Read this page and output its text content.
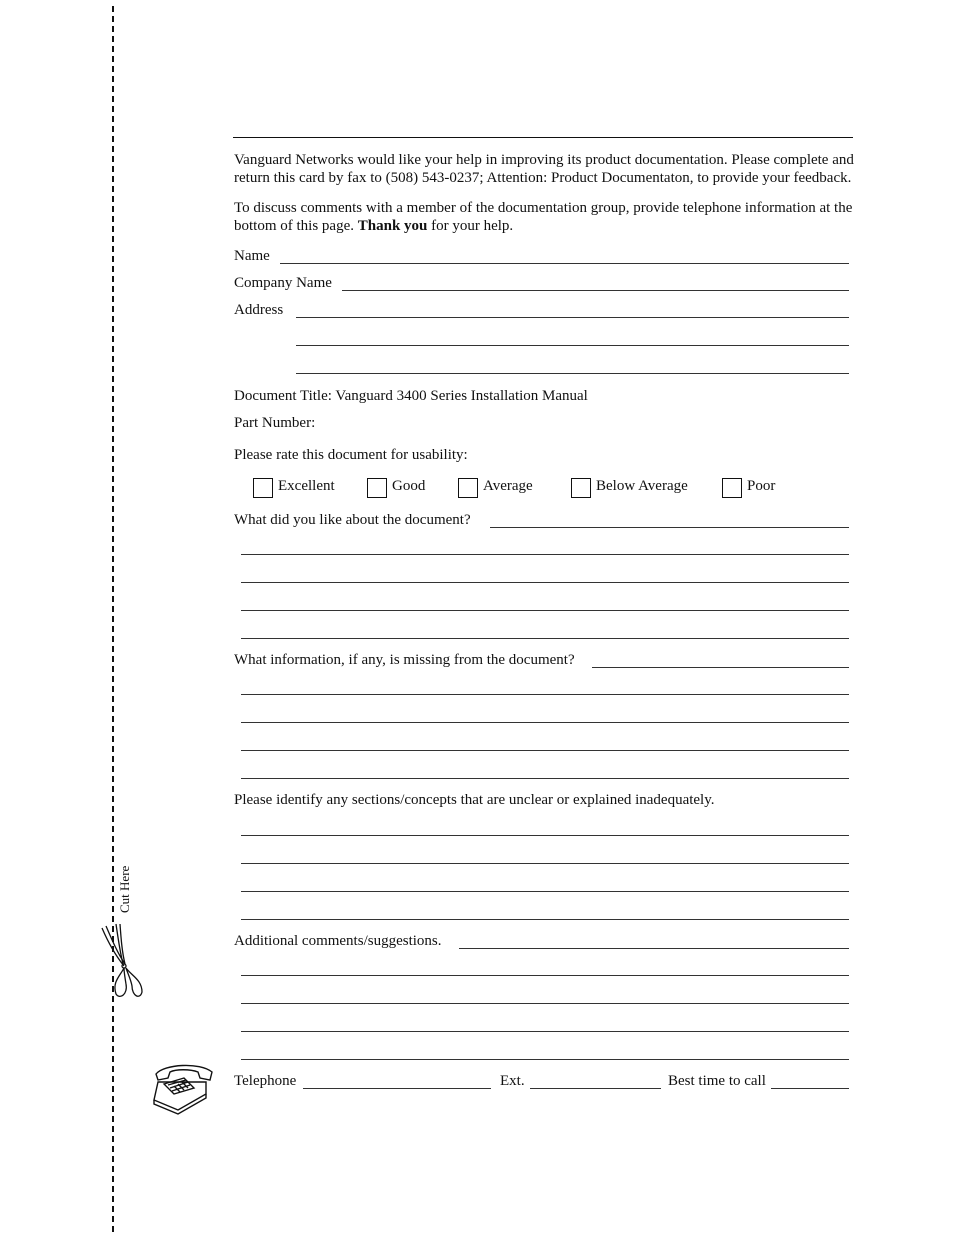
Cut Here
Vanguard Networks would like your help in improving its product documentation. Please complete and return this card by fax to (508) 543-0237; Attention: Product Documentaton, to provide your feedback.
To discuss comments with a member of the documentation group, provide telephone information at the bottom of this page. Thank you for your help.
Name
Company Name
Address
Document Title: Vanguard 3400 Series Installation Manual
Part Number:
Please rate this document for usability:
Excellent	Good	Average	Below Average	Poor
What did you like about the document?
What information, if any, is missing from the document?
Please identify any sections/concepts that are unclear or explained inadequately.
Additional comments/suggestions.
Telephone	Ext.	Best time to call
